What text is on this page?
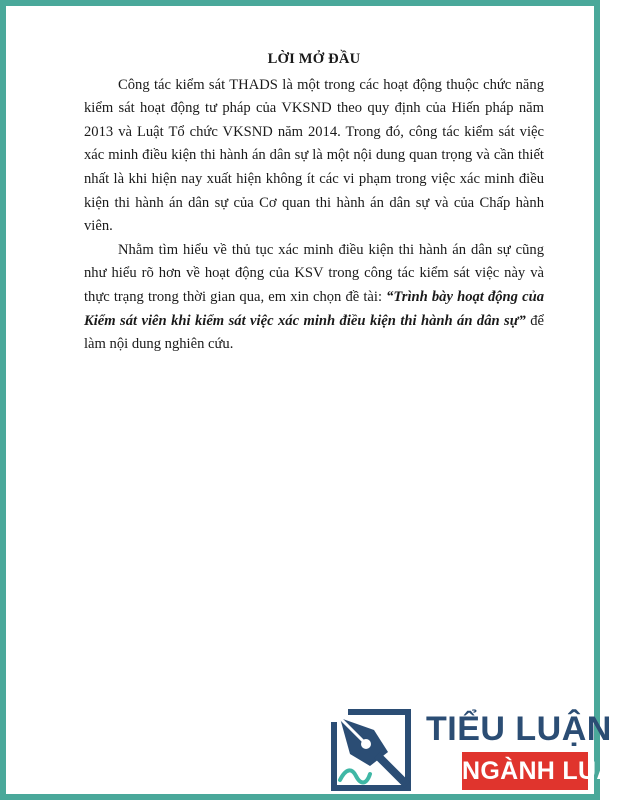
LỜI MỞ ĐẦU

Công tác kiểm sát THADS là một trong các hoạt động thuộc chức năng kiểm sát hoạt động tư pháp của VKSND theo quy định của Hiến pháp năm 2013 và Luật Tổ chức VKSND năm 2014. Trong đó, công tác kiểm sát việc xác minh điều kiện thi hành án dân sự là một nội dung quan trọng và cần thiết nhất là khi hiện nay xuất hiện không ít các vi phạm trong việc xác minh điều kiện thi hành án dân sự của Cơ quan thi hành án dân sự và của Chấp hành viên.

Nhằm tìm hiểu về thủ tục xác minh điều kiện thi hành án dân sự cũng như hiểu rõ hơn về hoạt động của KSV trong công tác kiểm sát việc này và thực trạng trong thời gian qua, em xin chọn đề tài: “Trình bày hoạt động của Kiểm sát viên khi kiểm sát việc xác minh điều kiện thi hành án dân sự” để làm nội dung nghiên cứu.

TIỂU LUẬN
NGÀNH LUẬT
